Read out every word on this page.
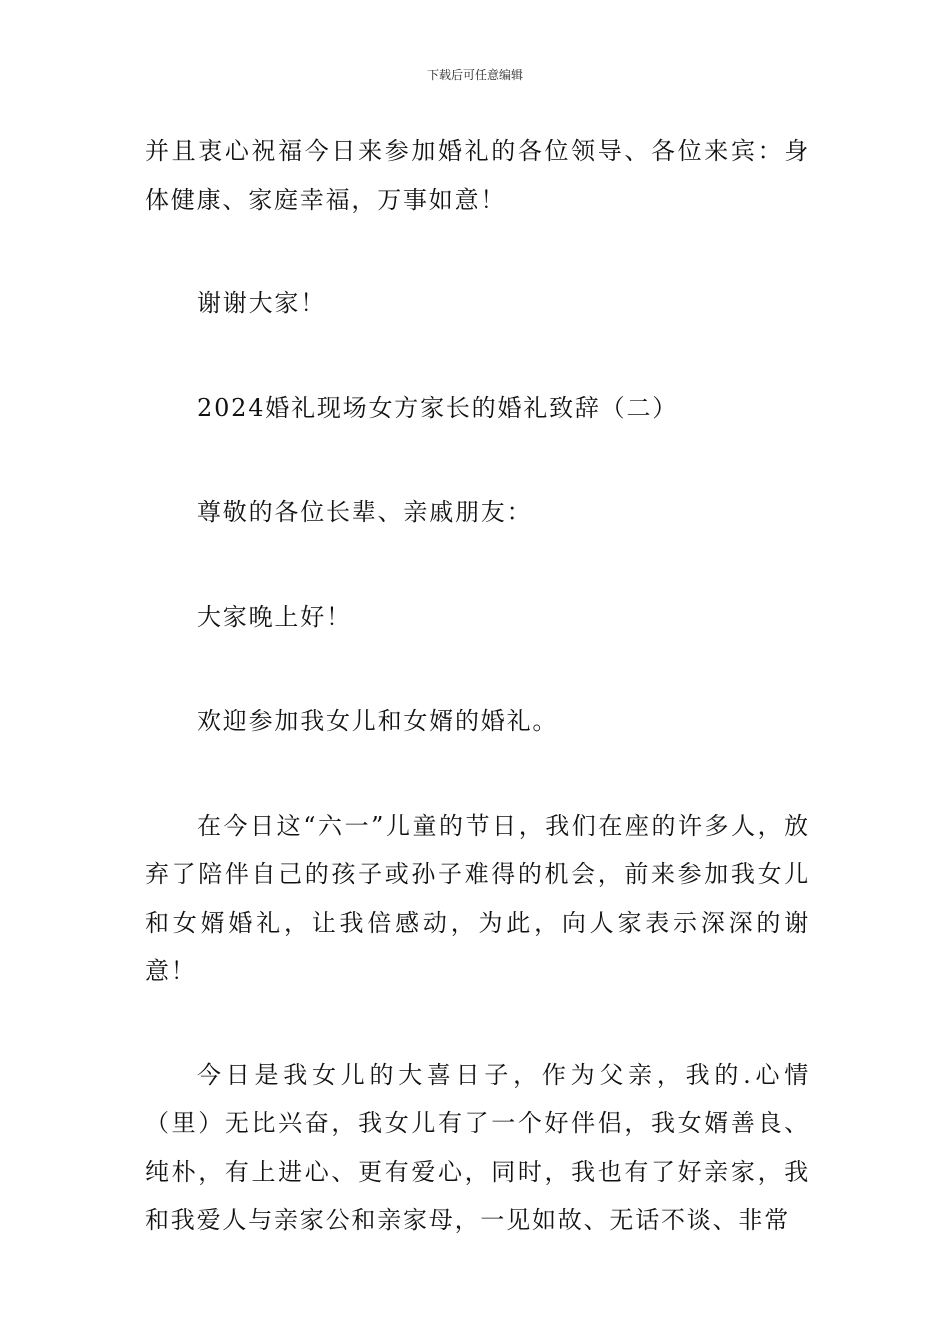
下载后可任意编辑

并且衷心祝福今日来参加婚礼的各位领导、各位来宾：身体健康、家庭幸福，万事如意！

谢谢大家！

2024婚礼现场女方家长的婚礼致辞（二）

尊敬的各位长辈、亲戚朋友：

大家晚上好！

欢迎参加我女儿和女婿的婚礼。

在今日这“六一”儿童的节日，我们在座的许多人，放弃了陪伴自己的孩子或孙子难得的机会，前来参加我女儿和女婿婚礼，让我倍感动，为此，向人家表示深深的谢意！

今日是我女儿的大喜日子，作为父亲，我的.心情（里）无比兴奋，我女儿有了一个好伴侣，我女婿善良、纯朴，有上进心、更有爱心，同时，我也有了好亲家，我和我爱人与亲家公和亲家母，一见如故、无话不谈、非常
